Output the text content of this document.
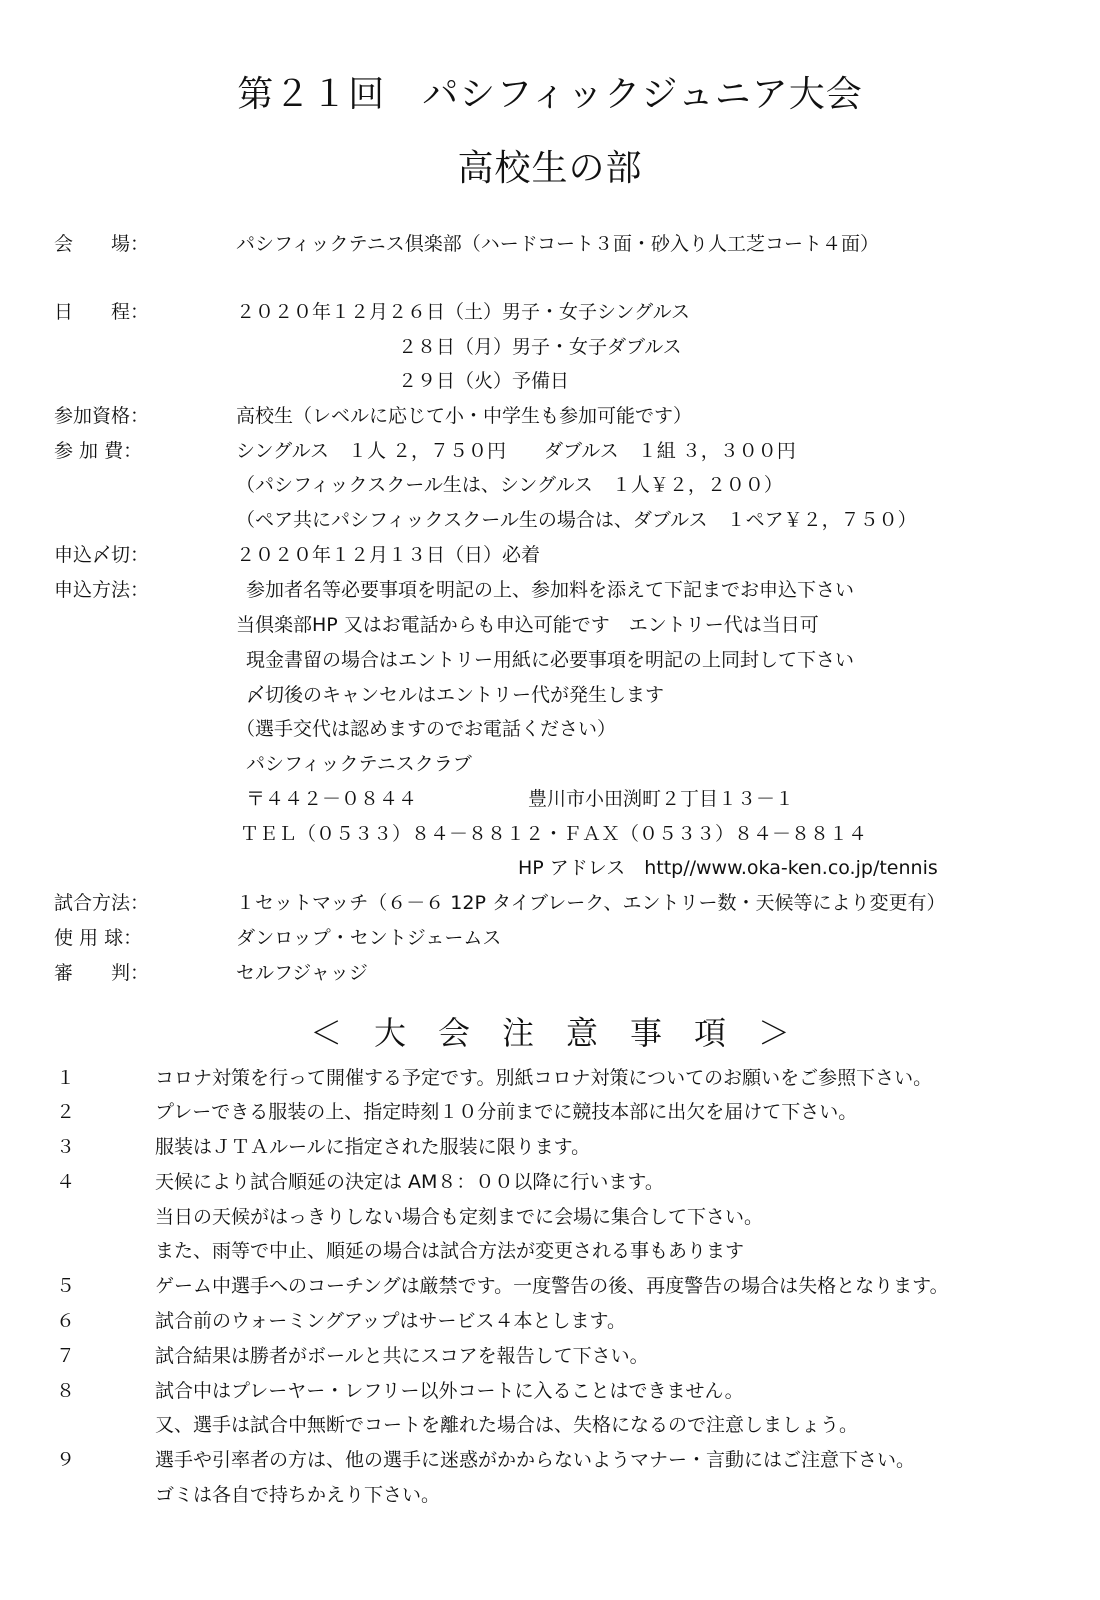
第２１回　パシフィックジュニア大会
高校生の部
会　　場：	パシフィックテニス倶楽部（ハードコート３面・砂入り人工芝コート４面）
日　　程：	２０２０年１２月２６日（土）男子・女子シングルス
２８日（月）男子・女子ダブルス
２９日（火）予備日
参加資格：	高校生（レベルに応じて小・中学生も参加可能です）
参 加 費：	シングルス　１人 ２，７５０円　　ダブルス　１組 ３，３００円
（パシフィックスクール生は、シングルス　１人￥２，２００）
（ペア共にパシフィックスクール生の場合は、ダブルス　１ペア￥２，７５０）
申込〆切：	２０２０年１２月１３日（日）必着
申込方法：	参加者名等必要事項を明記の上、参加料を添えて下記までお申込下さい
当倶楽部HP 又はお電話からも申込可能です　エントリー代は当日可
現金書留の場合はエントリー用紙に必要事項を明記の上同封して下さい
〆切後のキャンセルはエントリー代が発生します
（選手交代は認めますのでお電話ください）
パシフィックテニスクラブ
〒４４２－０８４４	豊川市小田渕町２丁目１３－１
ＴＥＬ（０５３３）８４－８８１２・ＦＡＸ（０５３３）８４－８８１４
HP アドレス　http//www.oka-ken.co.jp/tennis
試合方法：	１セットマッチ（６－６ 12P タイブレーク、エントリー数・天候等により変更有）
使 用 球：	ダンロップ・セントジェームス
審　　判：	セルフジャッジ
＜　大　会　注　意　事　項　＞
１	コロナ対策を行って開催する予定です。別紙コロナ対策についてのお願いをご参照下さい。
２	プレーできる服装の上、指定時刻１０分前までに競技本部に出欠を届けて下さい。
３	服装はＪＴＡルールに指定された服装に限ります。
４	天候により試合順延の決定は AM８：００以降に行います。
当日の天候がはっきりしない場合も定刻までに会場に集合して下さい。
また、雨等で中止、順延の場合は試合方法が変更される事もあります
５	ゲーム中選手へのコーチングは厳禁です。一度警告の後、再度警告の場合は失格となります。
６	試合前のウォーミングアップはサービス４本とします。
７	試合結果は勝者がボールと共にスコアを報告して下さい。
８	試合中はプレーヤー・レフリー以外コートに入ることはできません。
又、選手は試合中無断でコートを離れた場合は、失格になるので注意しましょう。
９	選手や引率者の方は、他の選手に迷惑がかからないようマナー・言動にはご注意下さい。
ゴミは各自で持ちかえり下さい。
